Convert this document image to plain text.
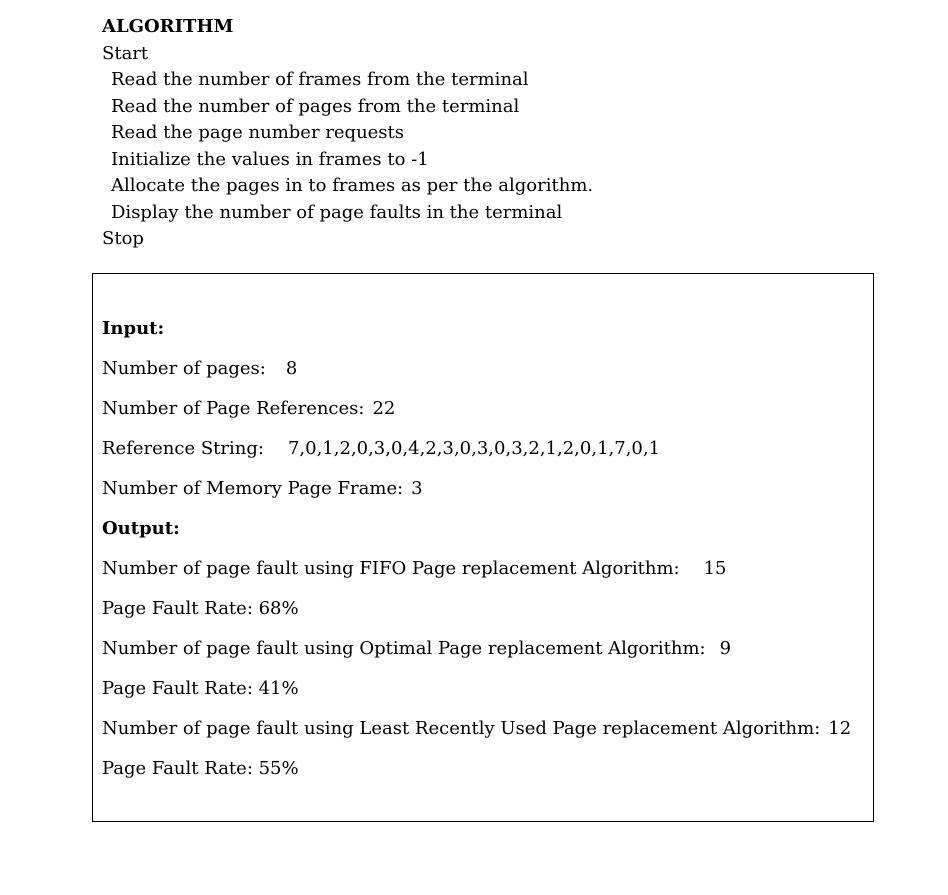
ALGORITHM
Start
Read the number of frames from the terminal
Read the number of pages from the terminal
Read the page number requests
Initialize the values in frames to -1
Allocate the pages in to frames as per the algorithm.
Display the number of page faults in the terminal
Stop
Input:
Number of pages: 8
Number of Page References: 22
Reference String: 7,0,1,2,0,3,0,4,2,3,0,3,0,3,2,1,2,0,1,7,0,1
Number of Memory Page Frame: 3
Output:
Number of page fault using FIFO Page replacement Algorithm: 15
Page Fault Rate: 68%
Number of page fault using Optimal Page replacement Algorithm: 9
Page Fault Rate: 41%
Number of page fault using Least Recently Used Page replacement Algorithm: 12
Page Fault Rate: 55%
